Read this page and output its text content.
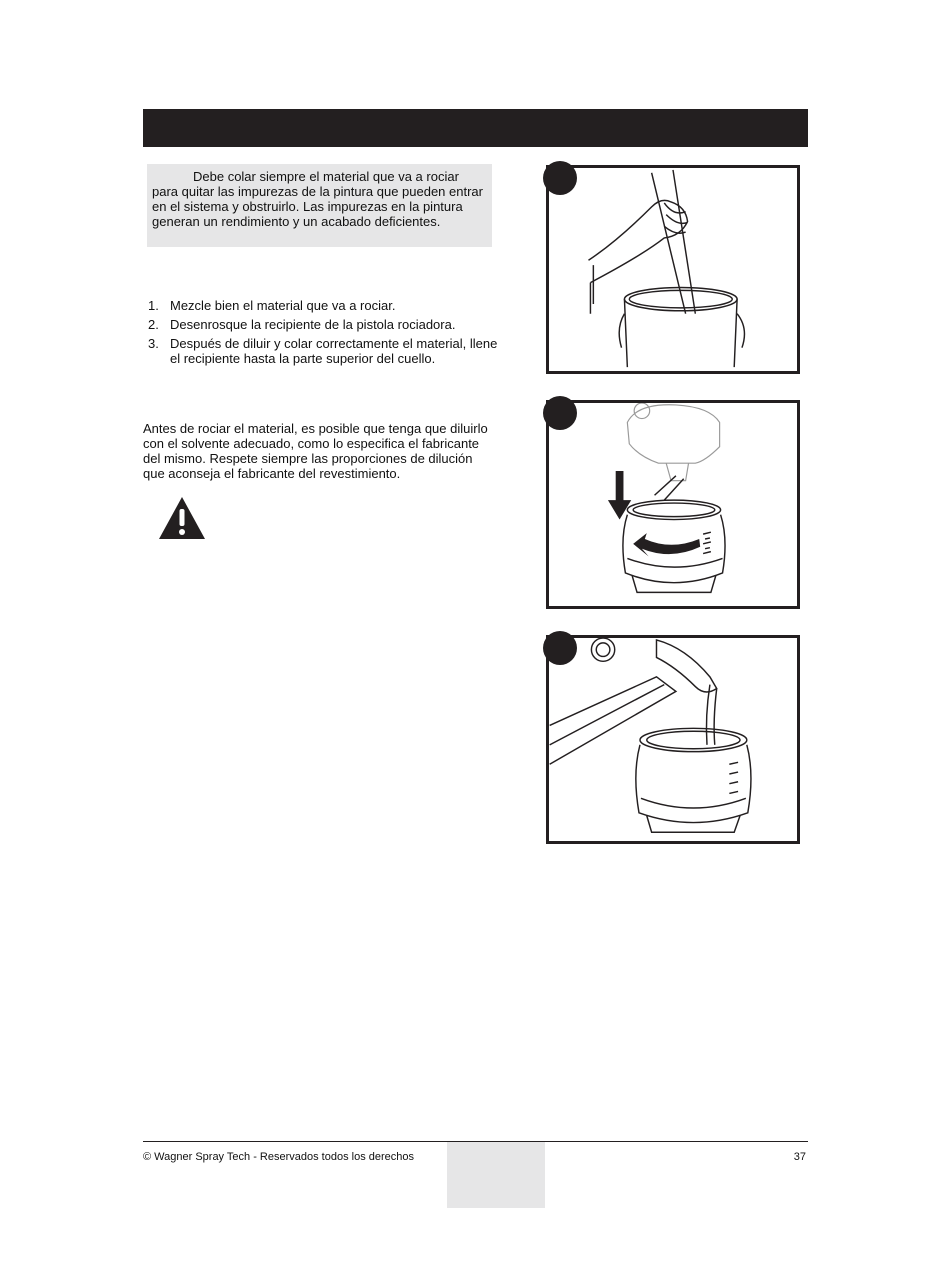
Debe colar siempre el material que va a rociar para quitar las impurezas de la pintura que pueden entrar en el sistema y obstruirlo. Las impurezas en la pintura generan un rendimiento y un acabado deficientes.

1. Mezcle bien el material que va a rociar.
2. Desenrosque la recipiente de la pistola rociadora.
3. Después de diluir y colar correctamente el material, llene el recipiente hasta la parte superior del cuello.

Antes de rociar el material, es posible que tenga que diluirlo con el solvente adecuado, como lo especifica el fabricante del mismo. Respete siempre las proporciones de dilución que aconseja el fabricante del revestimiento.

© Wagner Spray Tech - Reservados todos los derechos	37
